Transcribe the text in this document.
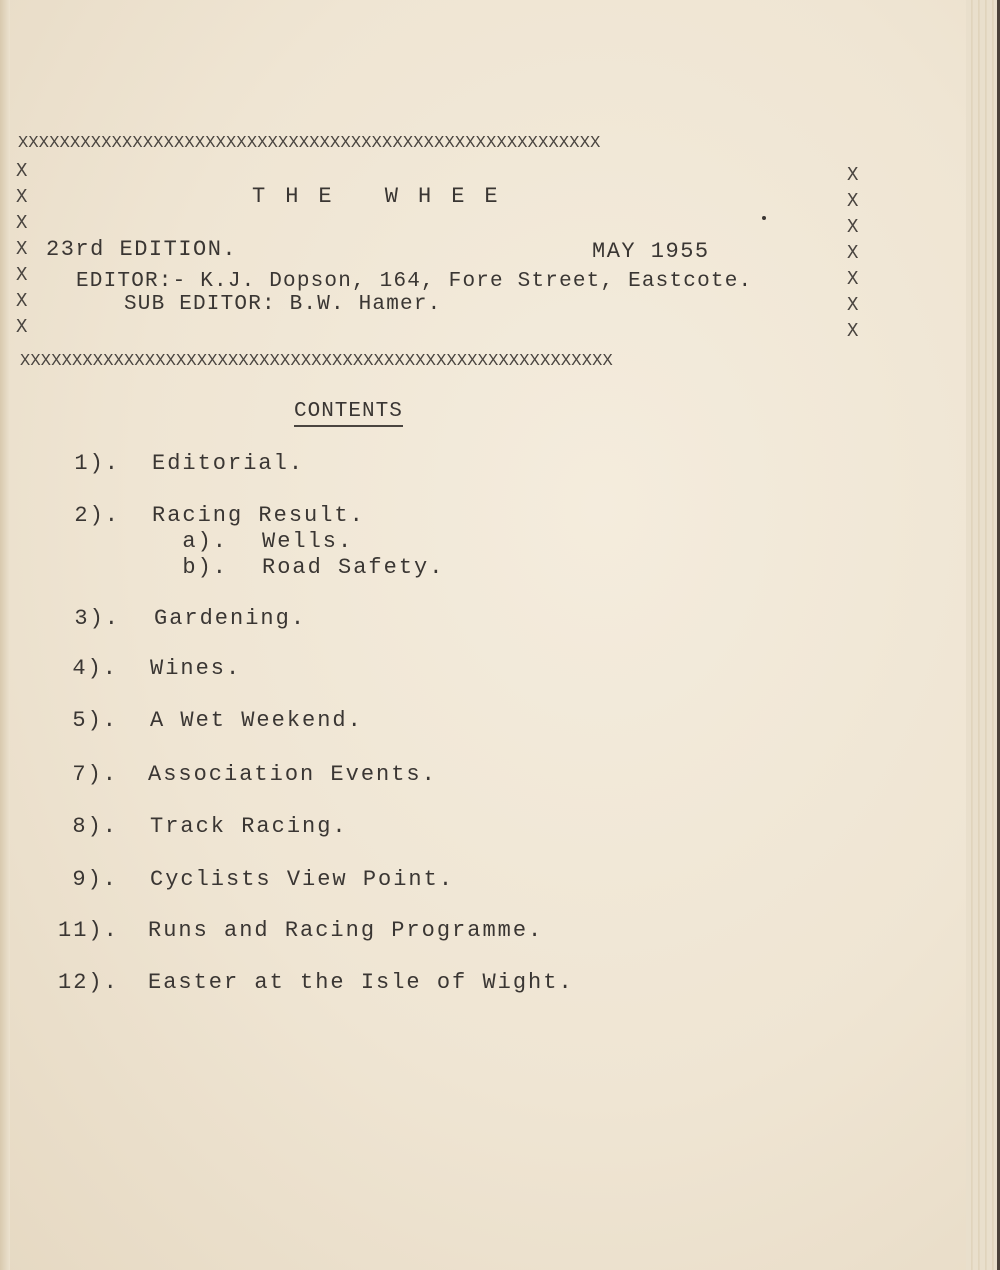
XXXXXXXXXXXXXXXXXXXXXXXXXXXXXXXXXXXXXXXXXXXXXXXXXXXXXXXX
XXXXXXXXXXXXXXXXXXXXXXXXXXXXXXXXXXXXXXXXXXXXXXXXXXXXXXXXX
X
X
X
X
X
X
X
X
X
X
X
X
X
X
THE WHEE
23rd EDITION.	MAY 1955
EDITOR:- K.J. Dopson, 164, Fore Street, Eastcote.
SUB EDITOR: B.W. Hamer.
CONTENTS
1). Editorial.
2). Racing Result.
a). Wells.
b). Road Safety.
3). Gardening.
4). Wines.
5). A Wet Weekend.
7). Association Events.
8). Track Racing.
9). Cyclists View Point.
11). Runs and Racing Programme.
12). Easter at the Isle of Wight.
